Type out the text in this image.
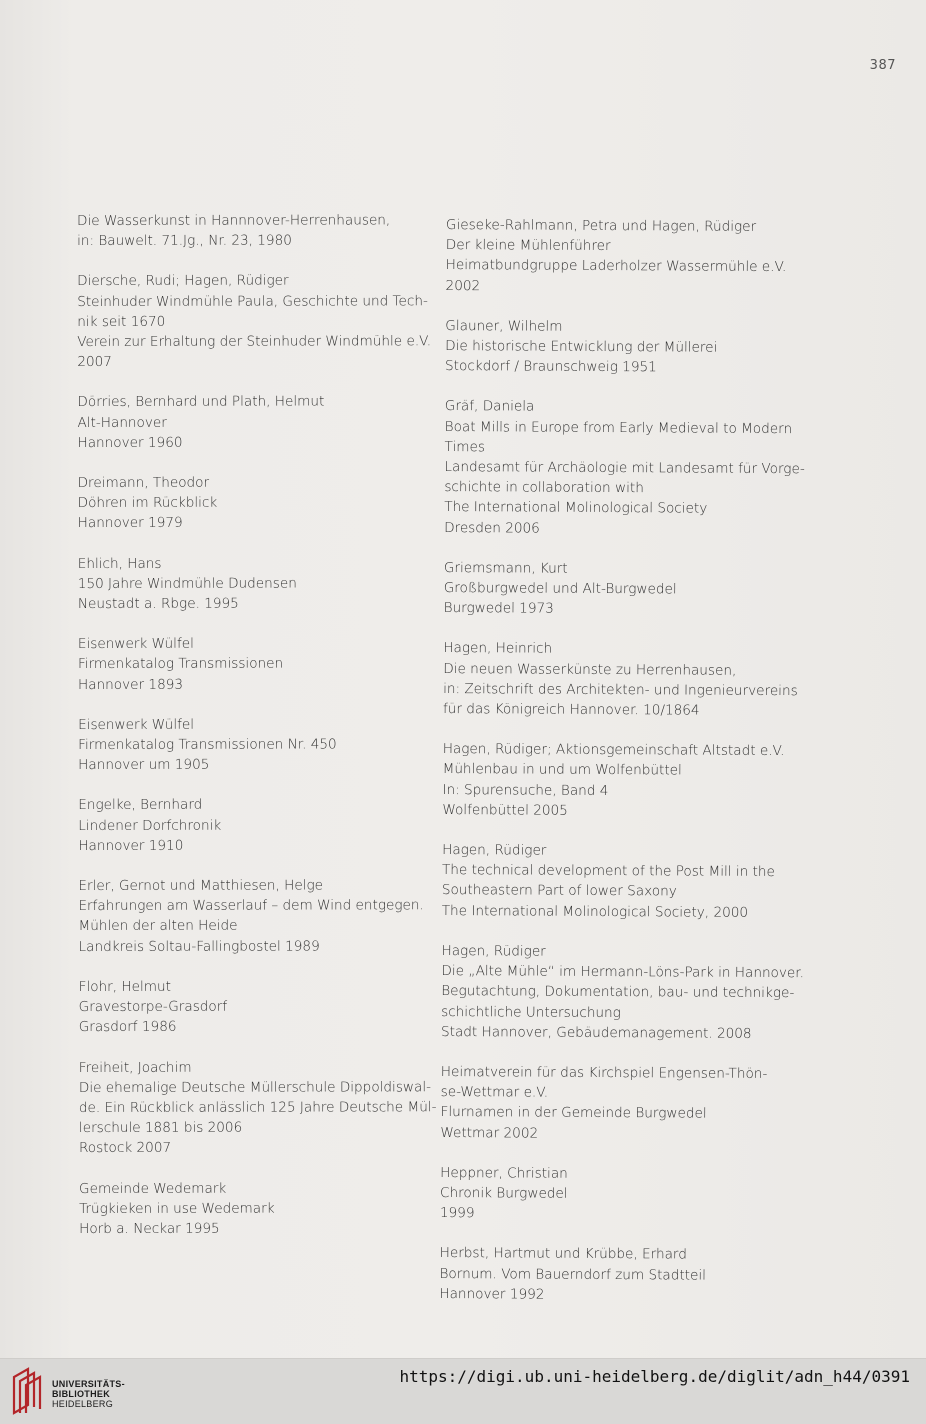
387
Die Wasserkunst in Hannnover-Herrenhausen,
in: Bauwelt. 71.Jg., Nr. 23, 1980
Diersche, Rudi; Hagen, Rüdiger
Steinhuder Windmühle Paula, Geschichte und Tech-
nik seit 1670
Verein zur Erhaltung der Steinhuder Windmühle e.V.
2007
Dörries, Bernhard und Plath, Helmut
Alt-Hannover
Hannover 1960
Dreimann, Theodor
Döhren im Rückblick
Hannover 1979
Ehlich, Hans
150 Jahre Windmühle Dudensen
Neustadt a. Rbge. 1995
Eisenwerk Wülfel
Firmenkatalog Transmissionen
Hannover 1893
Eisenwerk Wülfel
Firmenkatalog Transmissionen Nr. 450
Hannover um 1905
Engelke, Bernhard
Lindener Dorfchronik
Hannover 1910
Erler, Gernot und Matthiesen, Helge
Erfahrungen am Wasserlauf – dem Wind entgegen.
Mühlen der alten Heide
Landkreis Soltau-Fallingbostel 1989
Flohr, Helmut
Gravestorpe-Grasdorf
Grasdorf 1986
Freiheit, Joachim
Die ehemalige Deutsche Müllerschule Dippoldiswal-
de. Ein Rückblick anlässlich 125 Jahre Deutsche Mül-
lerschule 1881 bis 2006
Rostock 2007
Gemeinde Wedemark
Trügkieken in use Wedemark
Horb a. Neckar 1995
Gieseke-Rahlmann, Petra und Hagen, Rüdiger
Der kleine Mühlenführer
Heimatbundgruppe Laderholzer Wassermühle e.V.
2002
Glauner, Wilhelm
Die historische Entwicklung der Müllerei
Stockdorf / Braunschweig 1951
Gräf, Daniela
Boat Mills in Europe from Early Medieval to Modern
Times
Landesamt für Archäologie mit Landesamt für Vorge-
schichte in collaboration with
The International Molinological Society
Dresden 2006
Griemsmann, Kurt
Großburgwedel und Alt-Burgwedel
Burgwedel 1973
Hagen, Heinrich
Die neuen Wasserkünste zu Herrenhausen,
in: Zeitschrift des Architekten- und Ingenieurvereins
für das Königreich Hannover. 10/1864
Hagen, Rüdiger; Aktionsgemeinschaft Altstadt e.V.
Mühlenbau in und um Wolfenbüttel
In: Spurensuche, Band 4
Wolfenbüttel 2005
Hagen, Rüdiger
The technical development of the Post Mill in the
Southeastern Part of lower Saxony
The International Molinological Society, 2000
Hagen, Rüdiger
Die „Alte Mühle“ im Hermann-Löns-Park in Hannover.
Begutachtung, Dokumentation, bau- und technikge-
schichtliche Untersuchung
Stadt Hannover, Gebäudemanagement. 2008
Heimatverein für das Kirchspiel Engensen-Thön-
se-Wettmar e.V.
Flurnamen in der Gemeinde Burgwedel
Wettmar 2002
Heppner, Christian
Chronik Burgwedel
1999
Herbst, Hartmut und Krübbe, Erhard
Bornum. Vom Bauerndorf zum Stadtteil
Hannover 1992
UNIVERSITÄTS-
BIBLIOTHEK
HEIDELBERG
https://digi.ub.uni-heidelberg.de/diglit/adn_h44/0391
